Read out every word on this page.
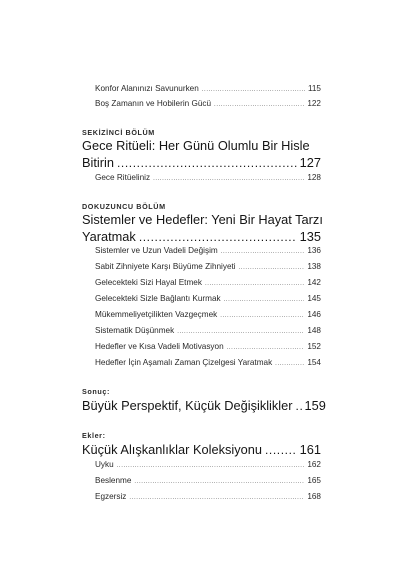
Konfor Alanınızı Savunurken .....	115
Boş Zamanın ve Hobilerin Gücü .....	122
SEKİZİNCİ BÖLÜM
Gece Ritüeli: Her Günü Olumlu Bir Hisle
Bitirin .....	127
Gece Ritüeliniz .....	128
DOKUZUNCU BÖLÜM
Sistemler ve Hedefler: Yeni Bir Hayat Tarzı
Yaratmak .....	135
Sistemler ve Uzun Vadeli Değişim .....	136
Sabit Zihniyete Karşı Büyüme Zihniyeti .....	138
Gelecekteki Sizi Hayal Etmek .....	142
Gelecekteki Sizle Bağlantı Kurmak .....	145
Mükemmeliyetçilikten Vazgeçmek .....	146
Sistematik Düşünmek .....	148
Hedefler ve Kısa Vadeli Motivasyon .....	152
Hedefler İçin Aşamalı Zaman Çizelgesi Yaratmak .....	154
Sonuç:
Büyük Perspektif, Küçük Değişiklikler ..... 159
Ekler:
Küçük Alışkanlıklar Koleksiyonu .....	161
Uyku .....	162
Beslenme .....	165
Egzersiz .....	168
